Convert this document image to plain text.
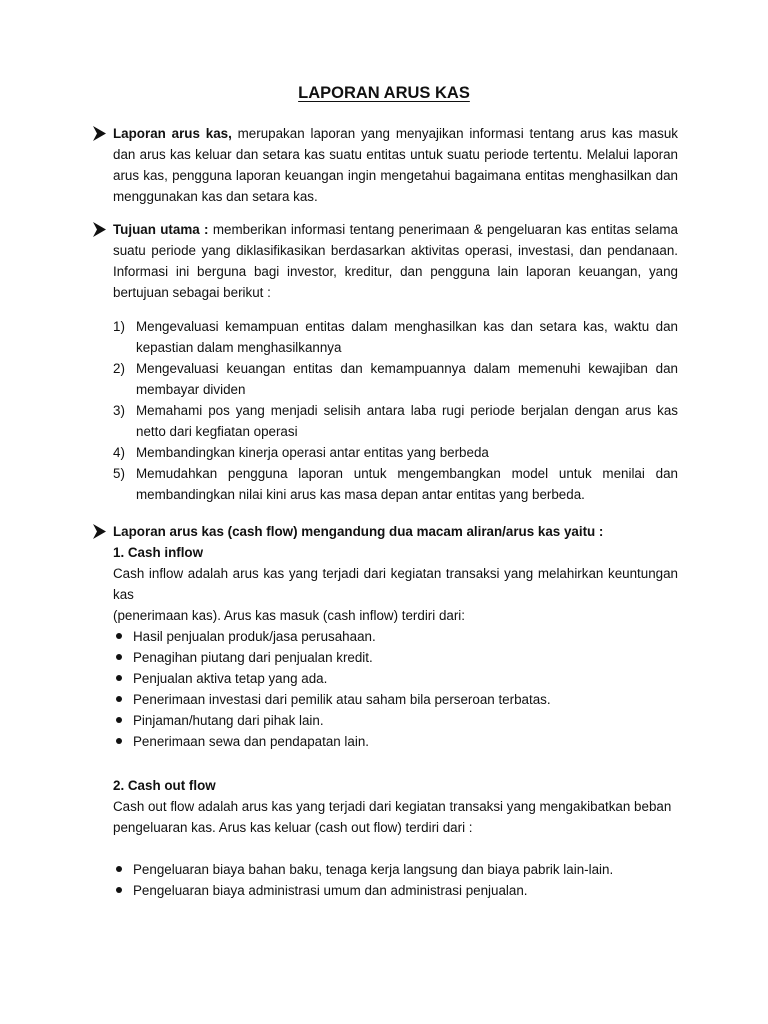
LAPORAN ARUS KAS

Laporan arus kas, merupakan laporan yang menyajikan informasi tentang arus kas masuk dan arus kas keluar dan setara kas suatu entitas untuk suatu periode tertentu. Melalui laporan arus kas, pengguna laporan keuangan ingin mengetahui bagaimana entitas menghasilkan dan menggunakan kas dan setara kas.

Tujuan utama : memberikan informasi tentang penerimaan & pengeluaran kas entitas selama suatu periode yang diklasifikasikan berdasarkan aktivitas operasi, investasi, dan pendanaan. Informasi ini berguna bagi investor, kreditur, dan pengguna lain laporan keuangan, yang bertujuan sebagai berikut :

1) Mengevaluasi kemampuan entitas dalam menghasilkan kas dan setara kas, waktu dan kepastian dalam menghasilkannya
2) Mengevaluasi keuangan entitas dan kemampuannya dalam memenuhi kewajiban dan membayar dividen
3) Memahami pos yang menjadi selisih antara laba rugi periode berjalan dengan arus kas netto dari kegfiatan operasi
4) Membandingkan kinerja operasi antar entitas yang berbeda
5) Memudahkan pengguna laporan untuk mengembangkan model untuk menilai dan membandingkan nilai kini arus kas masa depan antar entitas yang berbeda.

Laporan arus kas (cash flow) mengandung dua macam aliran/arus kas yaitu :

1. Cash inflow

Cash inflow adalah arus kas yang terjadi dari kegiatan transaksi yang melahirkan keuntungan kas

(penerimaan kas). Arus kas masuk (cash inflow) terdiri dari:

Hasil penjualan produk/jasa perusahaan.
Penagihan piutang dari penjualan kredit.
Penjualan aktiva tetap yang ada.
Penerimaan investasi dari pemilik atau saham bila perseroan terbatas.
Pinjaman/hutang dari pihak lain.
Penerimaan sewa dan pendapatan lain.

2. Cash out flow

Cash out flow adalah arus kas yang terjadi dari kegiatan transaksi yang mengakibatkan beban

pengeluaran kas. Arus kas keluar (cash out flow) terdiri dari :

Pengeluaran biaya bahan baku, tenaga kerja langsung dan biaya pabrik lain-lain.
Pengeluaran biaya administrasi umum dan administrasi penjualan.
